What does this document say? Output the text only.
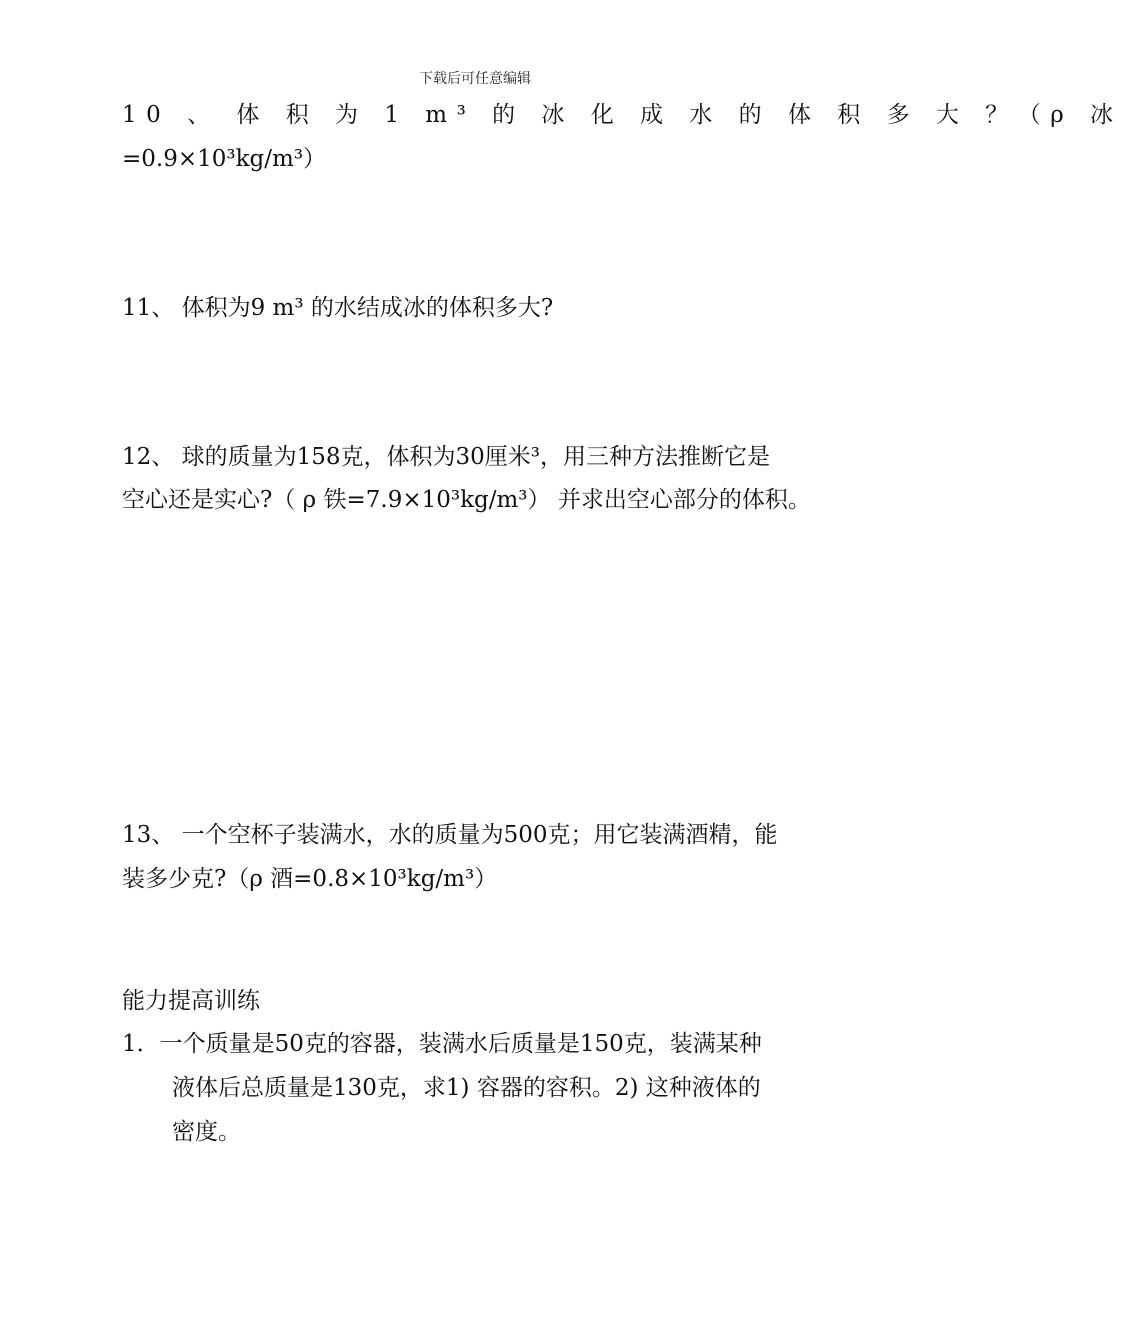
下载后可任意编辑
10 、 体 积 为 1 m³ 的 冰 化 成 水 的 体 积 多 大 ？（ρ 冰
=0.9×10³kg/m³）
11、 体积为9 m³ 的水结成冰的体积多大?
12、 球的质量为158克，体积为30厘米³，用三种方法推断它是
空心还是实心?（ ρ 铁=7.9×10³kg/m³） 并求出空心部分的体积。
13、 一个空杯子装满水，水的质量为500克；用它装满酒精，能
装多少克?（ρ 酒=0.8×10³kg/m³）
能力提高训练
1．一个质量是50克的容器，装满水后质量是150克，装满某种
液体后总质量是130克，求1) 容器的容积。2) 这种液体的
密度。
